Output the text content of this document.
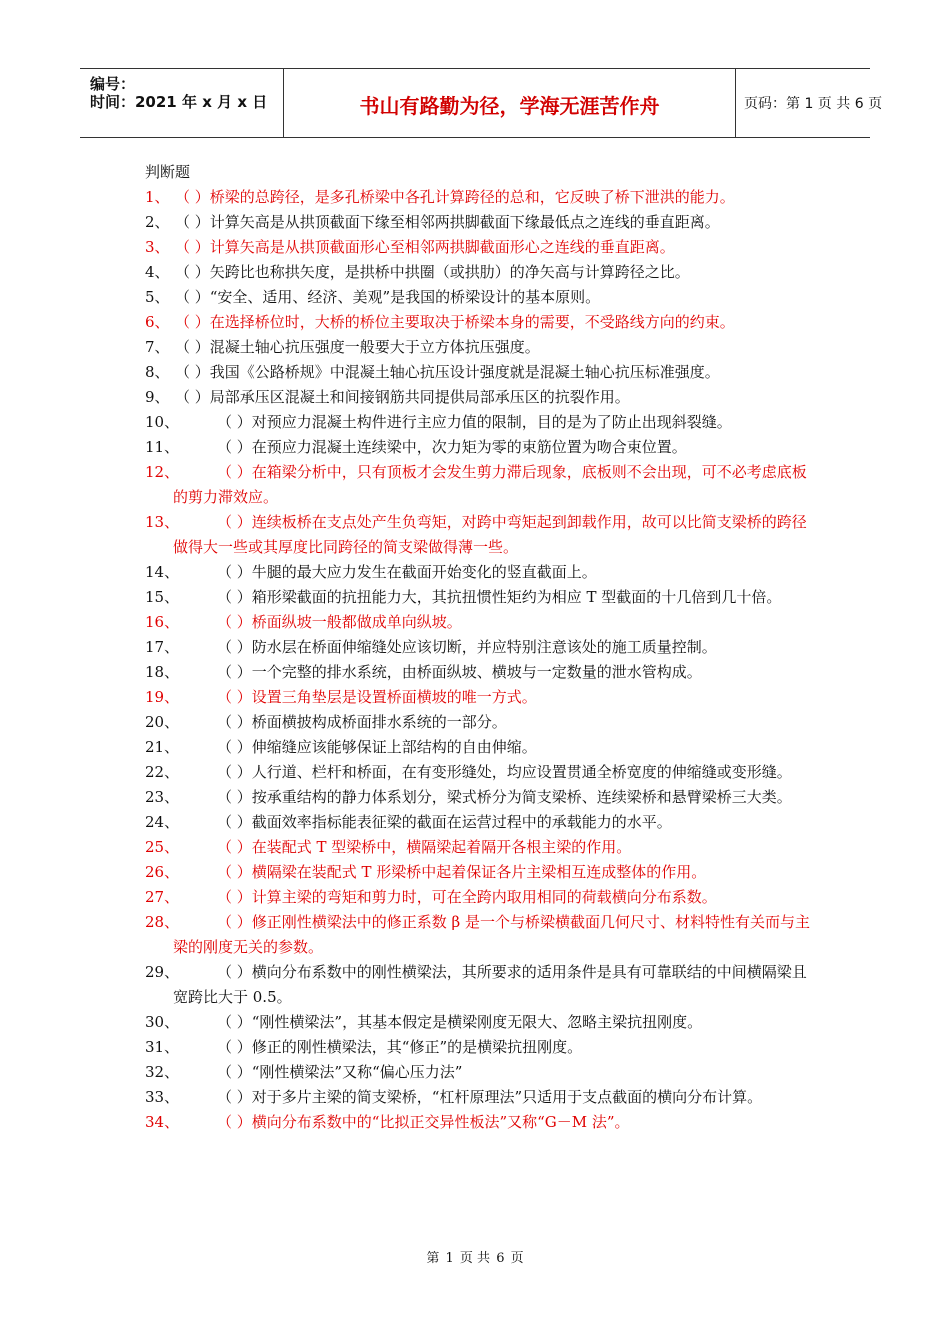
编号：
时间：2021 年 x 月 x 日	书山有路勤为径，学海无涯苦作舟	页码：第 1 页 共 6 页
判断题
1、 （ ）桥梁的总跨径，是多孔桥梁中各孔计算跨径的总和，它反映了桥下泄洪的能力。
2、 （ ）计算矢高是从拱顶截面下缘至相邻两拱脚截面下缘最低点之连线的垂直距离。
3、 （ ）计算矢高是从拱顶截面形心至相邻两拱脚截面形心之连线的垂直距离。
4、 （ ）矢跨比也称拱矢度，是拱桥中拱圈（或拱肋）的净矢高与计算跨径之比。
5、 （ ）“安全、适用、经济、美观”是我国的桥梁设计的基本原则。
6、 （ ）在选择桥位时，大桥的桥位主要取决于桥梁本身的需要，不受路线方向的约束。
7、 （ ）混凝土轴心抗压强度一般要大于立方体抗压强度。
8、 （ ）我国《公路桥规》中混凝土轴心抗压设计强度就是混凝土轴心抗压标准强度。
9、 （ ）局部承压区混凝土和间接钢筋共同提供局部承压区的抗裂作用。
10、	（ ）对预应力混凝土构件进行主应力值的限制，目的是为了防止出现斜裂缝。
11、	（ ）在预应力混凝土连续梁中，次力矩为零的束筋位置为吻合束位置。
12、	（ ）在箱梁分析中，只有顶板才会发生剪力滞后现象，底板则不会出现，可不必考虑底板的剪力滞效应。
13、	（ ）连续板桥在支点处产生负弯矩，对跨中弯矩起到卸载作用，故可以比简支梁桥的跨径做得大一些或其厚度比同跨径的简支梁做得薄一些。
14、	（ ）牛腿的最大应力发生在截面开始变化的竖直截面上。
15、	（ ）箱形梁截面的抗扭能力大，其抗扭惯性矩约为相应 T 型截面的十几倍到几十倍。
16、	（ ）桥面纵坡一般都做成单向纵坡。
17、	（ ）防水层在桥面伸缩缝处应该切断，并应特别注意该处的施工质量控制。
18、	（ ）一个完整的排水系统，由桥面纵坡、横坡与一定数量的泄水管构成。
19、	（ ）设置三角垫层是设置桥面横坡的唯一方式。
20、	（ ）桥面横披构成桥面排水系统的一部分。
21、	（ ）伸缩缝应该能够保证上部结构的自由伸缩。
22、	（ ）人行道、栏杆和桥面，在有变形缝处，均应设置贯通全桥宽度的伸缩缝或变形缝。
23、	（ ）按承重结构的静力体系划分，梁式桥分为简支梁桥、连续梁桥和悬臂梁桥三大类。
24、	（ ）截面效率指标能表征梁的截面在运营过程中的承载能力的水平。
25、	（ ）在装配式 T 型梁桥中，横隔梁起着隔开各根主梁的作用。
26、	（ ）横隔梁在装配式 T 形梁桥中起着保证各片主梁相互连成整体的作用。
27、	（ ）计算主梁的弯矩和剪力时，可在全跨内取用相同的荷载横向分布系数。
28、	（ ）修正刚性横梁法中的修正系数 β 是一个与桥梁横截面几何尺寸、材料特性有关而与主梁的刚度无关的参数。
29、	（ ）横向分布系数中的刚性横梁法，其所要求的适用条件是具有可靠联结的中间横隔梁且宽跨比大于 0.5。
30、	（ ）“刚性横梁法”，其基本假定是横梁刚度无限大、忽略主梁抗扭刚度。
31、	（ ）修正的刚性横梁法，其“修正”的是横梁抗扭刚度。
32、	（ ）“刚性横梁法”又称“偏心压力法”
33、	（ ）对于多片主梁的简支梁桥，“杠杆原理法”只适用于支点截面的横向分布计算。
34、	（ ）横向分布系数中的“比拟正交异性板法”又称“G－M 法”。
第 1 页 共 6 页
